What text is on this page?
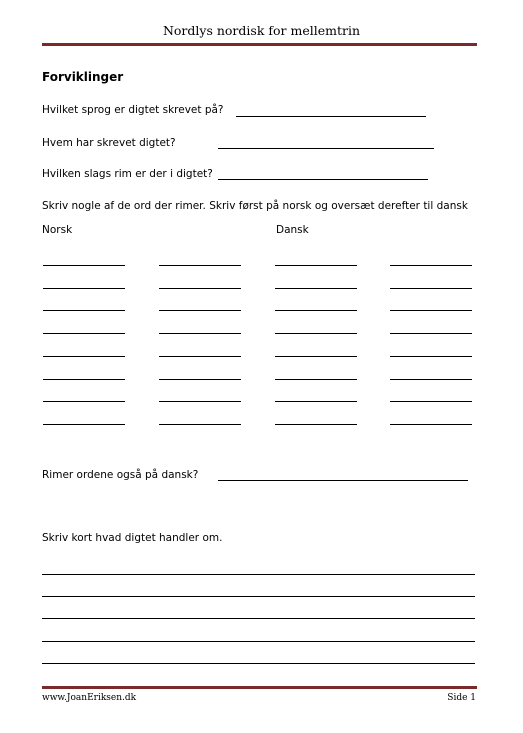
Nordlys nordisk for mellemtrin
Forviklinger
Hvilket sprog er digtet skrevet på?
Hvem har skrevet digtet?
Hvilken slags rim er der i digtet?
Skriv nogle af de ord der rimer. Skriv først på norsk og oversæt derefter til dansk
Norsk	Dansk
Rimer ordene også på dansk?
Skriv kort hvad digtet handler om.
www.JoanEriksen.dk	Side 1
